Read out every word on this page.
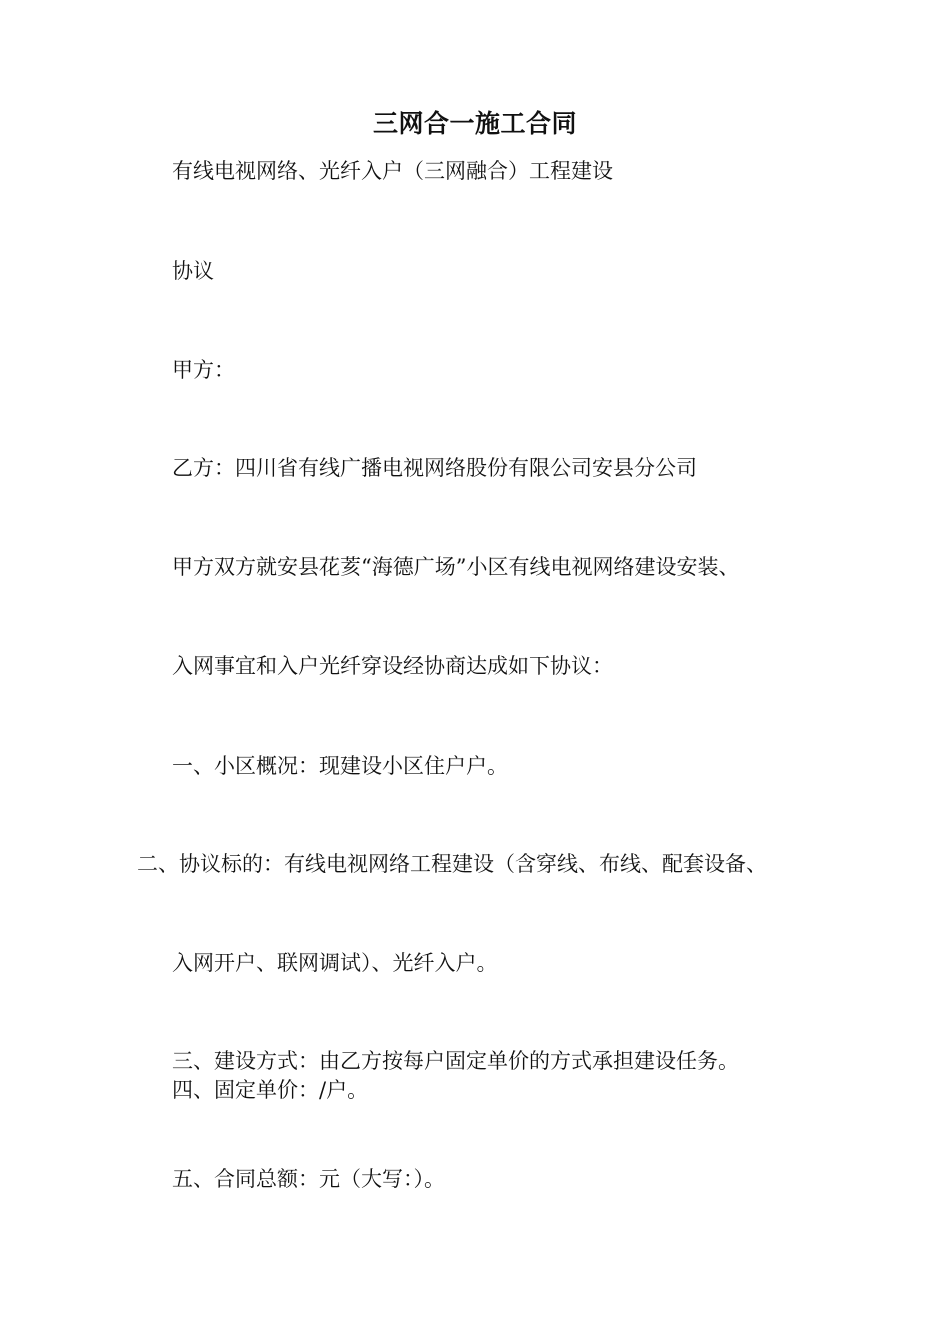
三网合一施工合同
有线电视网络、光纤入户（三网融合）工程建设
协议
甲方：
乙方：四川省有线广播电视网络股份有限公司安县分公司
甲方双方就安县花荄“海德广场”小区有线电视网络建设安装、
入网事宜和入户光纤穿设经协商达成如下协议：
一、小区概况：现建设小区住户户。
二、协议标的：有线电视网络工程建设（含穿线、布线、配套设备、
入网开户、联网调试）、光纤入户。
三、建设方式：由乙方按每户固定单价的方式承担建设任务。
四、固定单价：/户。
五、合同总额：元（大写：）。
